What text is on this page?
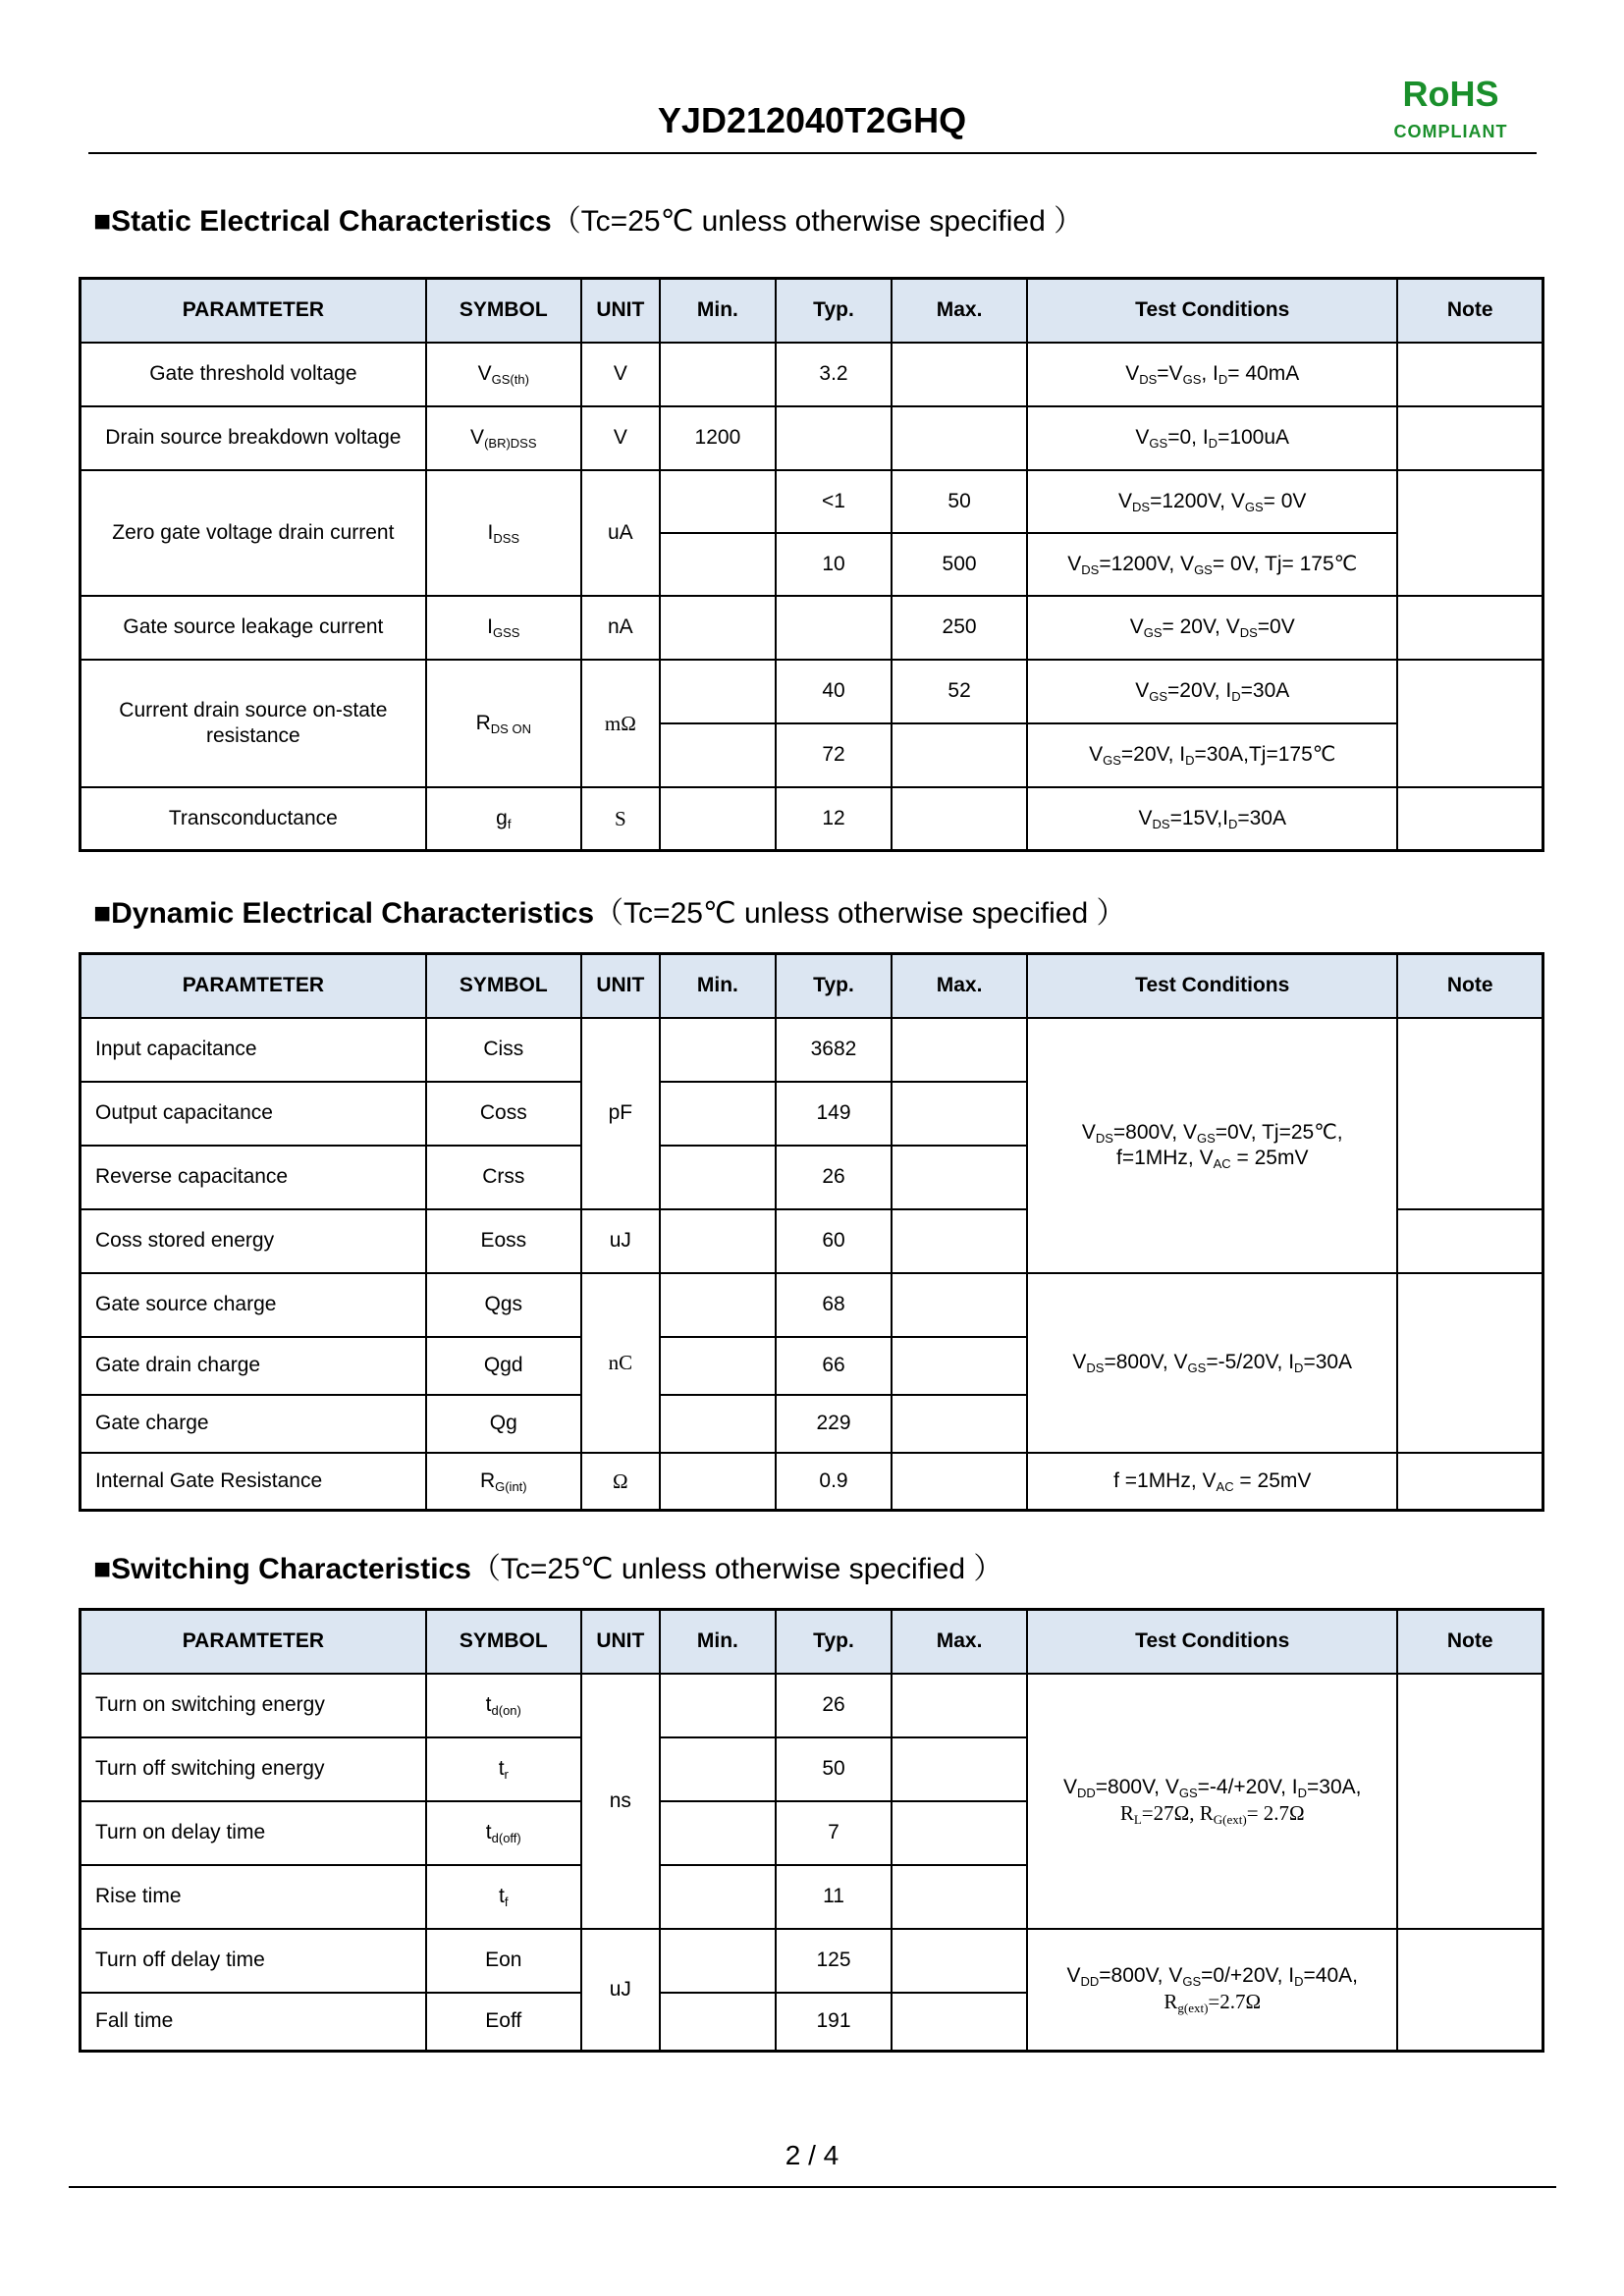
YJD212040T2GHQ
RoHS
COMPLIANT
■Static Electrical Characteristics（Tc=25℃ unless otherwise specified ）
PARAMTETER	SYMBOL	UNIT	Min.	Typ.	Max.	Test Conditions	Note
Gate threshold voltage	$V_{GS(th)}$	V		3.2		$V_{DS}=V_{GS}$, $I_D= 40mA$	
Drain source breakdown voltage	$V_{(BR)DSS}$	V	1200			$V_{GS}=0$, $I_D=100uA$	
Zero gate voltage drain current	$I_{DSS}$	uA		<1	50	$V_{DS}=1200V$, $V_{GS}= 0V$	
				10	500	$V_{DS}=1200V$, $V_{GS}= 0V$, Tj= 175℃	
Gate source leakage current	$I_{GSS}$	nA			250	$V_{GS}= 20V$, $V_{DS}=0V$	
Current drain source on-state resistance	$R_{DS ON}$	mΩ		40	52	$V_{GS}=20V$, $I_D=30A$	
				72		$V_{GS}=20V$, $I_D=30A,Tj=175℃$	
Transconductance	$g_f$	S		12		$V_{DS}=15V,I_D=30A$	
■Dynamic Electrical Characteristics（Tc=25℃ unless otherwise specified ）
PARAMTETER	SYMBOL	UNIT	Min.	Typ.	Max.	Test Conditions	Note
Input capacitance	Ciss	pF		3682		$V_{DS}=800V$, $V_{GS}=0V$, Tj=25℃,
f=1MHz, $V_{AC} = 25mV$	
Output capacitance	Coss			149			
Reverse capacitance	Crss			26			
Coss stored energy	Eoss	uJ		60			
Gate source charge	Qgs	nC		68		$V_{DS}=800V$, $V_{GS}=-5/20V$, $I_D=30A$	
Gate drain charge	Qgd			66			
Gate charge	Qg			229			
Internal Gate Resistance	$R_{G(int)}$	Ω		0.9		f =1MHz, $V_{AC} = 25mV$	
■Switching Characteristics（Tc=25℃ unless otherwise specified ）
PARAMTETER	SYMBOL	UNIT	Min.	Typ.	Max.	Test Conditions	Note
Turn on switching energy	$t_{d(on)}$	ns		26		$V_{DD}=800V$, $V_{GS}=-4/+20V$, $I_D=30A$,
$R_L=27\Omega$, $R_{G(ext)}= 2.7\Omega$	
Turn off switching energy	$t_r$			50			
Turn on delay time	$t_{d(off)}$			7			
Rise time	$t_f$			11			
Turn off delay time	Eon	uJ		125		$V_{DD}=800V$, $V_{GS}=0/+20V$, $I_D=40A$,
$R_{g(ext)}=2.7\Omega$	
Fall time	Eoff			191			
2 / 4
